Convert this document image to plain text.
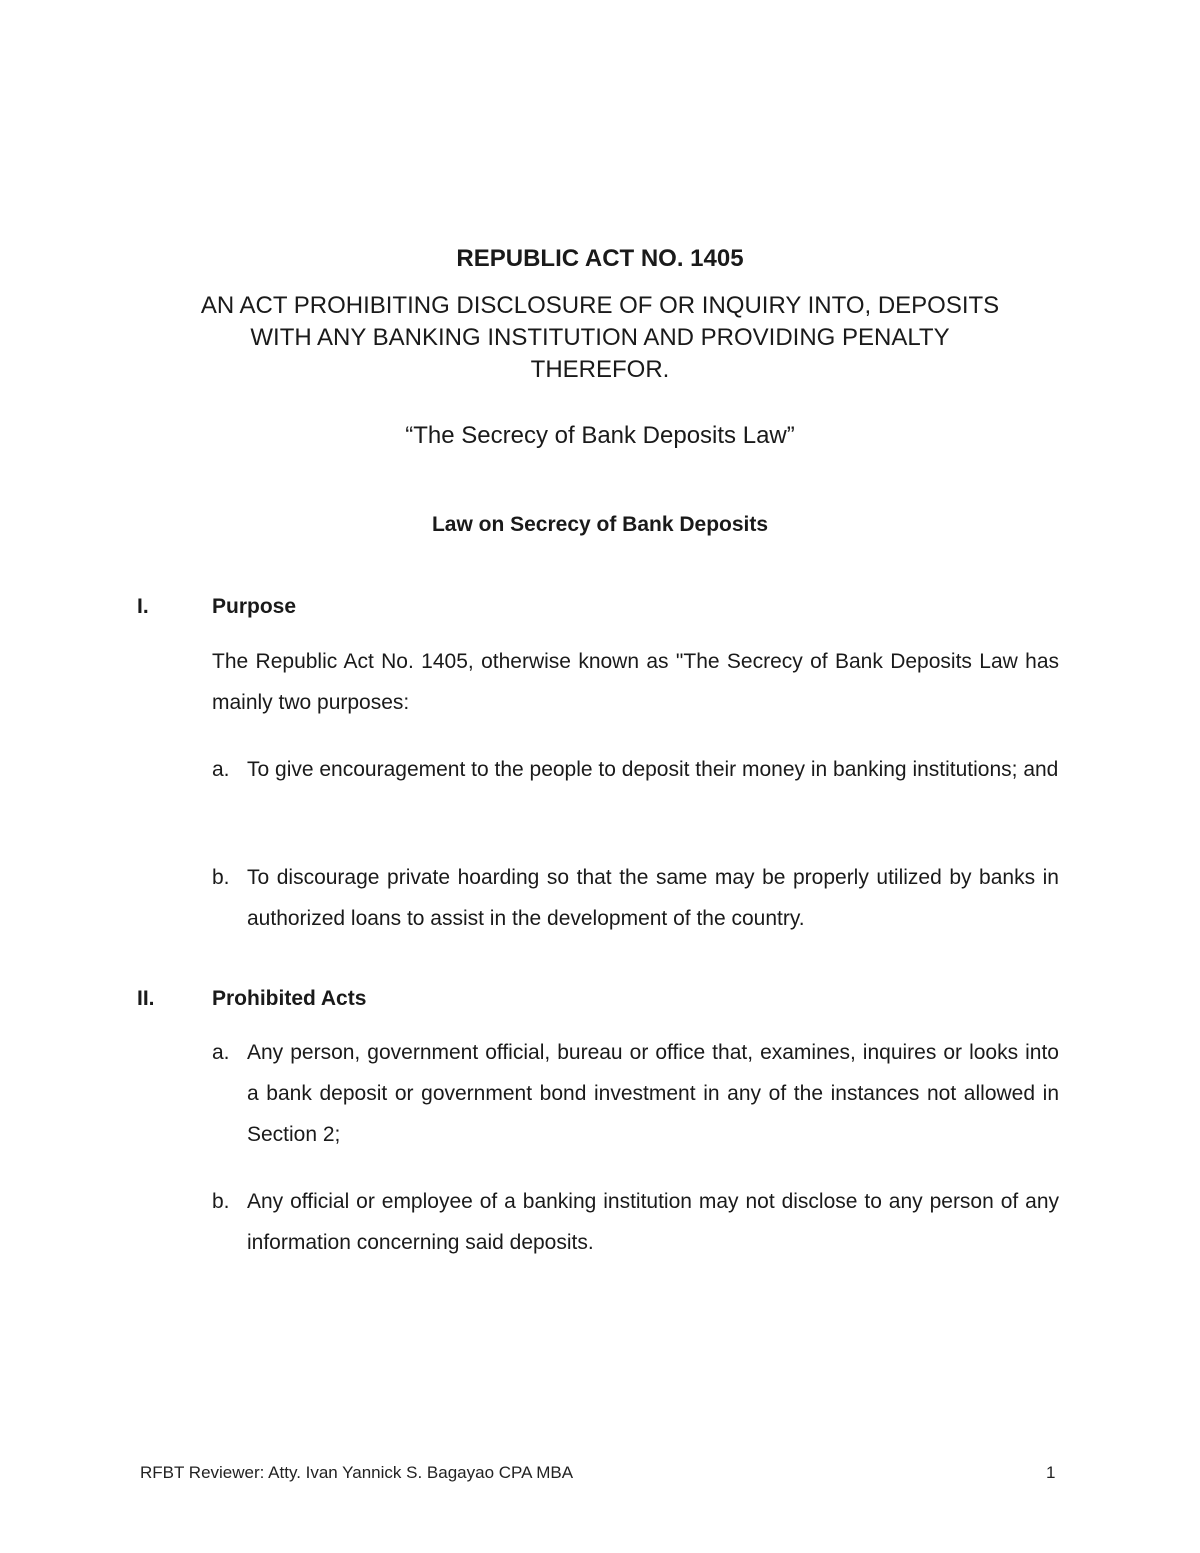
REPUBLIC ACT NO. 1405
AN ACT PROHIBITING DISCLOSURE OF OR INQUIRY INTO, DEPOSITS
WITH ANY BANKING INSTITUTION AND PROVIDING PENALTY
THEREFOR.
“The Secrecy of Bank Deposits Law”
Law on Secrecy of Bank Deposits
I.	Purpose
The Republic Act No. 1405, otherwise known as "The Secrecy of Bank Deposits Law has mainly two purposes:
a. To give encouragement to the people to deposit their money in banking institutions; and
b. To discourage private hoarding so that the same may be properly utilized by banks in authorized loans to assist in the development of the country.
II.	Prohibited Acts
a. Any person, government official, bureau or office that, examines, inquires or looks into a bank deposit or government bond investment in any of the instances not allowed in Section 2;
b. Any official or employee of a banking institution may not disclose to any person of any information concerning said deposits.
RFBT Reviewer: Atty. Ivan Yannick S. Bagayao CPA MBA	1
